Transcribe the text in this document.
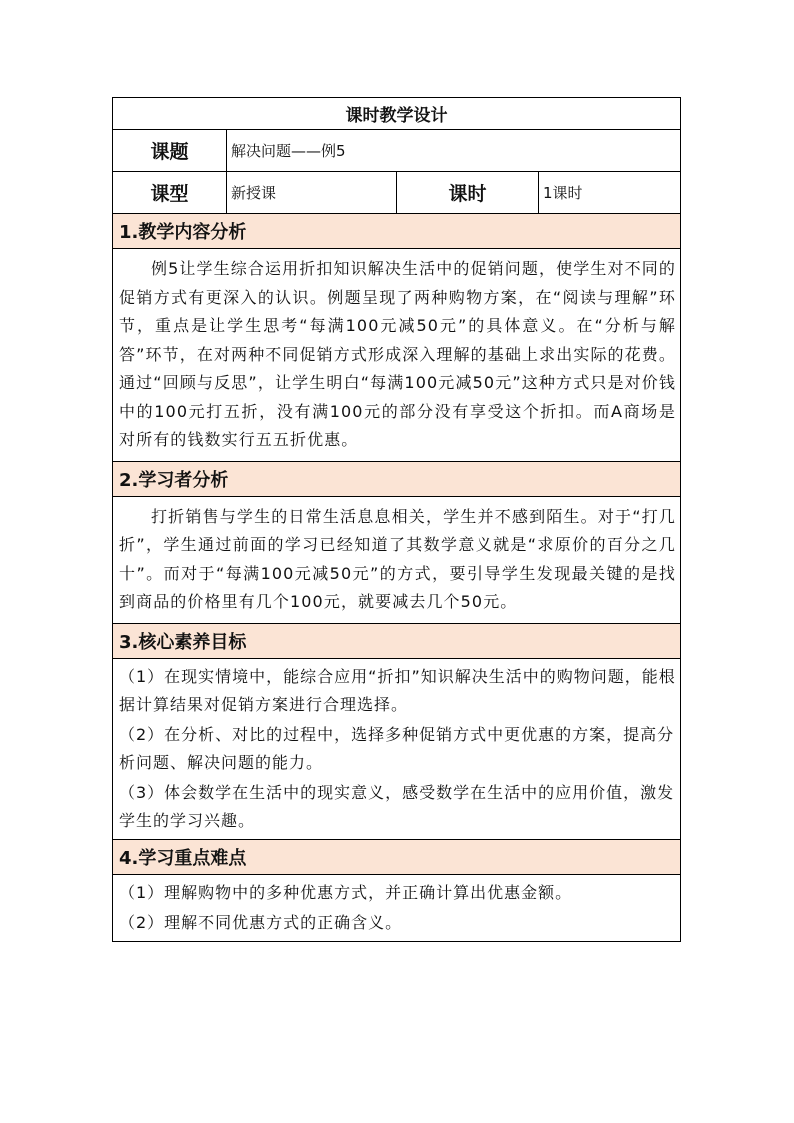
课时教学设计			
课题	解决问题——例5		
课型	新授课	课时	1课时
1.教学内容分析			

例5让学生综合运用折扣知识解决生活中的促销问题，使学生对不同的促销方式有更深入的认识。例题呈现了两种购物方案，在“阅读与理解”环节，重点是让学生思考“每满100元减50元”的具体意义。在“分析与解答”环节，在对两种不同促销方式形成深入理解的基础上求出实际的花费。通过“回顾与反思”，让学生明白“每满100元减50元”这种方式只是对价钱中的100元打五折，没有满100元的部分没有享受这个折扣。而A商场是对所有的钱数实行五五折优惠。			

2.学习者分析			

打折销售与学生的日常生活息息相关，学生并不感到陌生。对于“打几折”，学生通过前面的学习已经知道了其数学意义就是“求原价的百分之几十”。而对于“每满100元减50元”的方式，要引导学生发现最关键的是找到商品的价格里有几个100元，就要减去几个50元。			

3.核心素养目标			

（1）在现实情境中，能综合应用“折扣”知识解决生活中的购物问题，能根据计算结果对促销方案进行合理选择。

（2）在分析、对比的过程中，选择多种促销方式中更优惠的方案，提高分析问题、解决问题的能力。

（3）体会数学在生活中的现实意义，感受数学在生活中的应用价值，激发学生的学习兴趣。			

4.学习重点难点			

（1）理解购物中的多种优惠方式，并正确计算出优惠金额。

（2）理解不同优惠方式的正确含义。			
